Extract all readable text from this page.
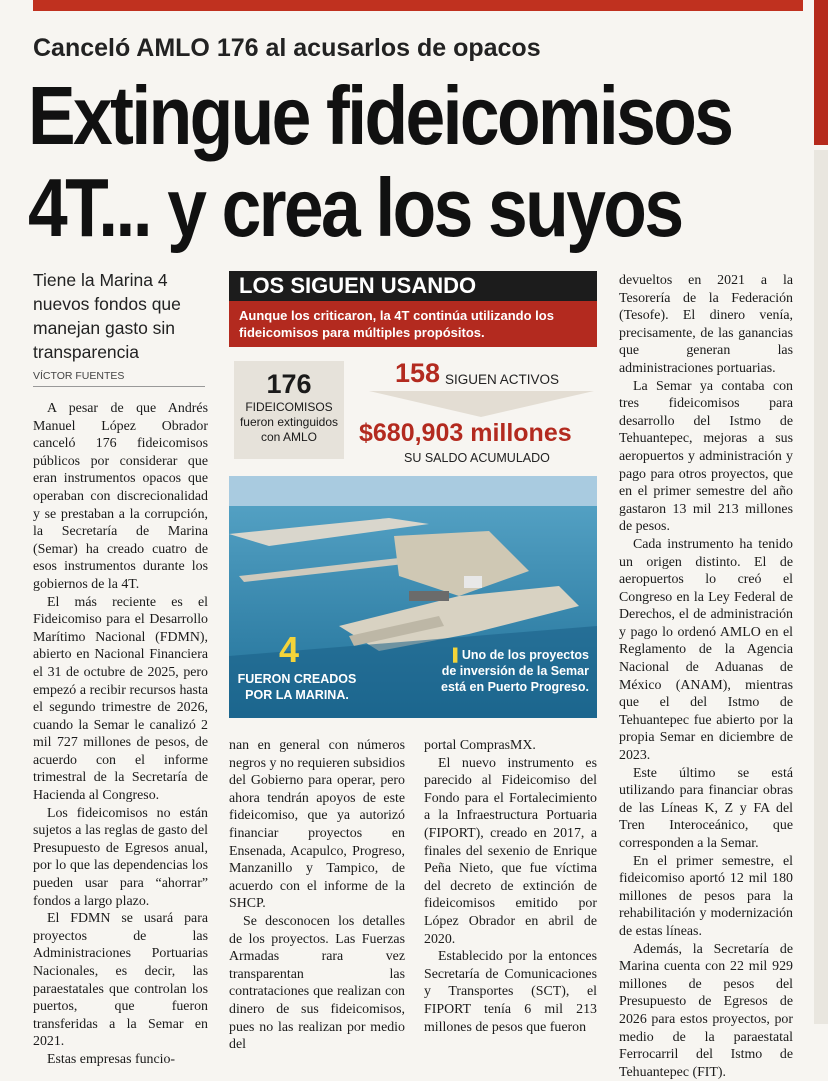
Canceló AMLO 176 al acusarlos de opacos
Extingue fideicomisos
4T... y crea los suyos
Tiene la Marina 4 nuevos fondos que manejan gasto sin transparencia
VÍCTOR FUENTES

A pesar de que Andrés Manuel López Obrador canceló 176 fideicomisos públicos por considerar que eran instrumentos opacos que operaban con discrecionalidad y se prestaban a la corrupción, la Secretaría de Marina (Semar) ha creado cuatro de esos instrumentos durante los gobiernos de la 4T.

El más reciente es el Fideicomiso para el Desarrollo Marítimo Nacional (FDMN), abierto en Nacional Financiera el 31 de octubre de 2025, pero empezó a recibir recursos hasta el segundo trimestre de 2026, cuando la Semar le canalizó 2 mil 727 millones de pesos, de acuerdo con el informe trimestral de la Secretaría de Hacienda al Congreso.

Los fideicomisos no están sujetos a las reglas de gasto del Presupuesto de Egresos anual, por lo que las dependencias los pueden usar para “ahorrar” fondos a largo plazo.

El FDMN se usará para proyectos de las Administraciones Portuarias Nacionales, es decir, las paraestatales que controlan los puertos, que fueron transferidas a la Semar en 2021.

Estas empresas funcio-

LOS SIGUEN USANDO
Aunque los criticaron, la 4T continúa utilizando los fideicomisos para múltiples propósitos.
176
FIDEICOMISOS fueron extinguidos con AMLO
158 SIGUEN ACTIVOS
$680,903 millones
SU SALDO ACUMULADO
4
FUERON CREADOS POR LA MARINA.
▌Uno de los proyectos de inversión de la Semar está en Puerto Progreso.

nan en general con números negros y no requieren subsidios del Gobierno para operar, pero ahora tendrán apoyos de este fideicomiso, que ya autorizó financiar proyectos en Ensenada, Acapulco, Progreso, Manzanillo y Tampico, de acuerdo con el informe de la SHCP.

Se desconocen los detalles de los proyectos. Las Fuerzas Armadas rara vez transparentan las contrataciones que realizan con dinero de sus fideicomisos, pues no las realizan por medio del

portal ComprasMX.

El nuevo instrumento es parecido al Fideicomiso del Fondo para el Fortalecimiento a la Infraestructura Portuaria (FIPORT), creado en 2017, a finales del sexenio de Enrique Peña Nieto, que fue víctima del decreto de extinción de fideicomisos emitido por López Obrador en abril de 2020.

Establecido por la entonces Secretaría de Comunicaciones y Transportes (SCT), el FIPORT tenía 6 mil 213 millones de pesos que fueron

devueltos en 2021 a la Tesorería de la Federación (Tesofe). El dinero venía, precisamente, de las ganancias que generan las administraciones portuarias.

La Semar ya contaba con tres fideicomisos para desarrollo del Istmo de Tehuantepec, mejoras a sus aeropuertos y administración y pago para otros proyectos, que en el primer semestre del año gastaron 13 mil 213 millones de pesos.

Cada instrumento ha tenido un origen distinto. El de aeropuertos lo creó el Congreso en la Ley Federal de Derechos, el de administración y pago lo ordenó AMLO en el Reglamento de la Agencia Nacional de Aduanas de México (ANAM), mientras que el del Istmo de Tehuantepec fue abierto por la propia Semar en diciembre de 2023.

Este último se está utilizando para financiar obras de las Líneas K, Z y FA del Tren Interoceánico, que corresponden a la Semar.

En el primer semestre, el fideicomiso aportó 12 mil 180 millones de pesos para la rehabilitación y modernización de estas líneas.

Además, la Secretaría de Marina cuenta con 22 mil 929 millones de pesos del Presupuesto de Egresos de 2026 para estos proyectos, por medio de la paraestatal Ferrocarril del Istmo de Tehuantepec (FIT).
